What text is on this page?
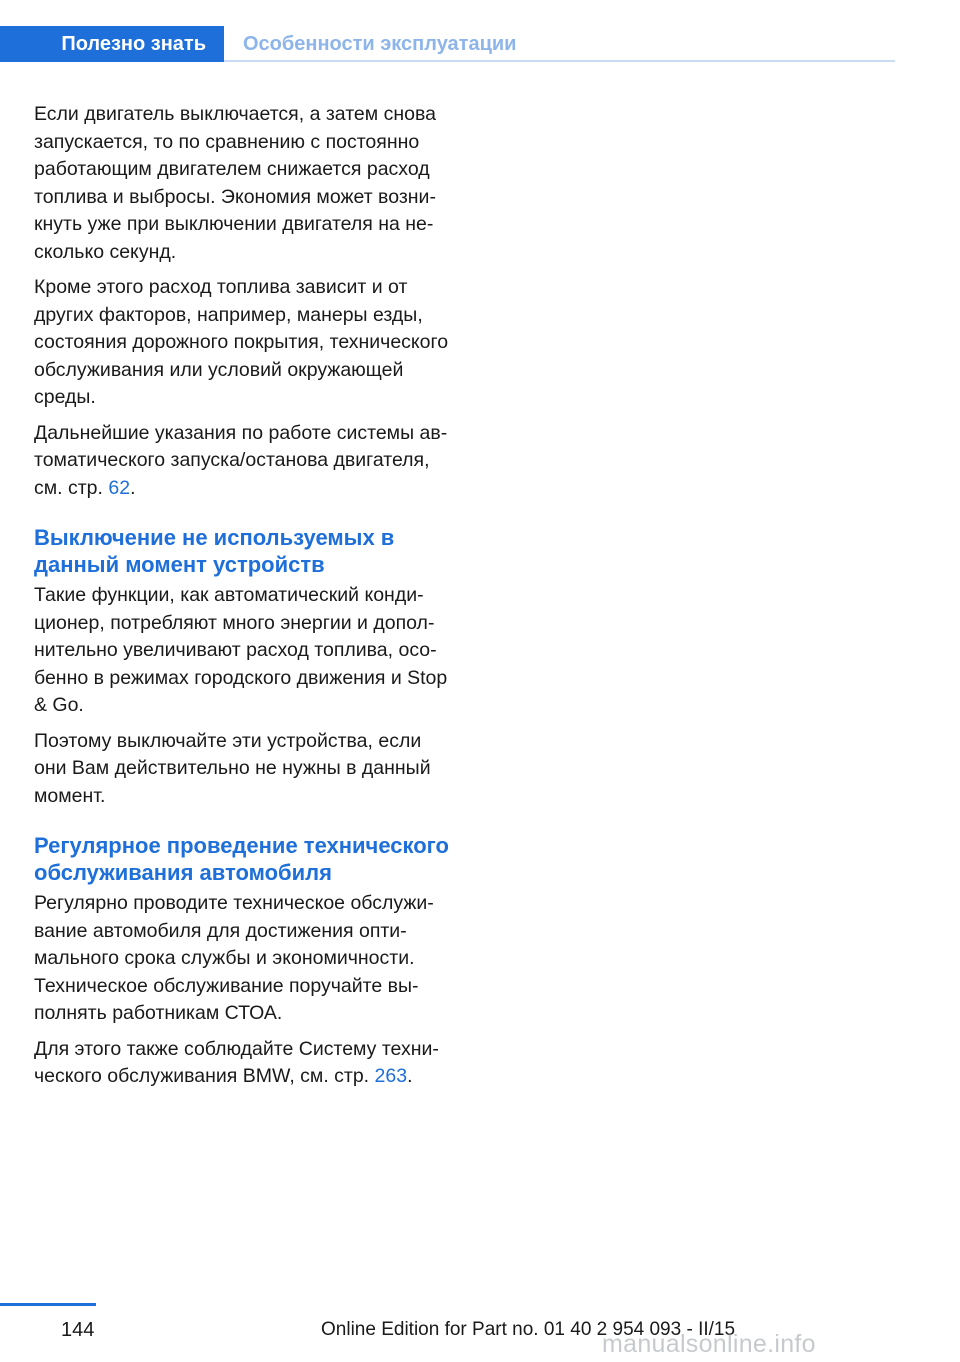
Полезно знать	Особенности эксплуатации

Если двигатель выключается, а затем снова запускается, то по сравнению с постоянно работающим двигателем снижается расход топлива и выбросы. Экономия может возникнуть уже при выключении двигателя на несколько секунд.

Кроме этого расход топлива зависит и от других факторов, например, манеры езды, состояния дорожного покрытия, технического обслуживания или условий окружающей среды.

Дальнейшие указания по работе системы автоматического запуска/останова двигателя, см. стр. 62.

Выключение не используемых в данный момент устройств

Такие функции, как автоматический кондиционер, потребляют много энергии и дополнительно увеличивают расход топлива, особенно в режимах городского движения и Stop & Go.

Поэтому выключайте эти устройства, если они Вам действительно не нужны в данный момент.

Регулярное проведение технического обслуживания автомобиля

Регулярно проводите техническое обслуживание автомобиля для достижения оптимального срока службы и экономичности. Техническое обслуживание поручайте выполнять работникам СТОА.

Для этого также соблюдайте Систему технического обслуживания BMW, см. стр. 263.

144	Online Edition for Part no. 01 40 2 954 093 - II/15
manualsonline.info
